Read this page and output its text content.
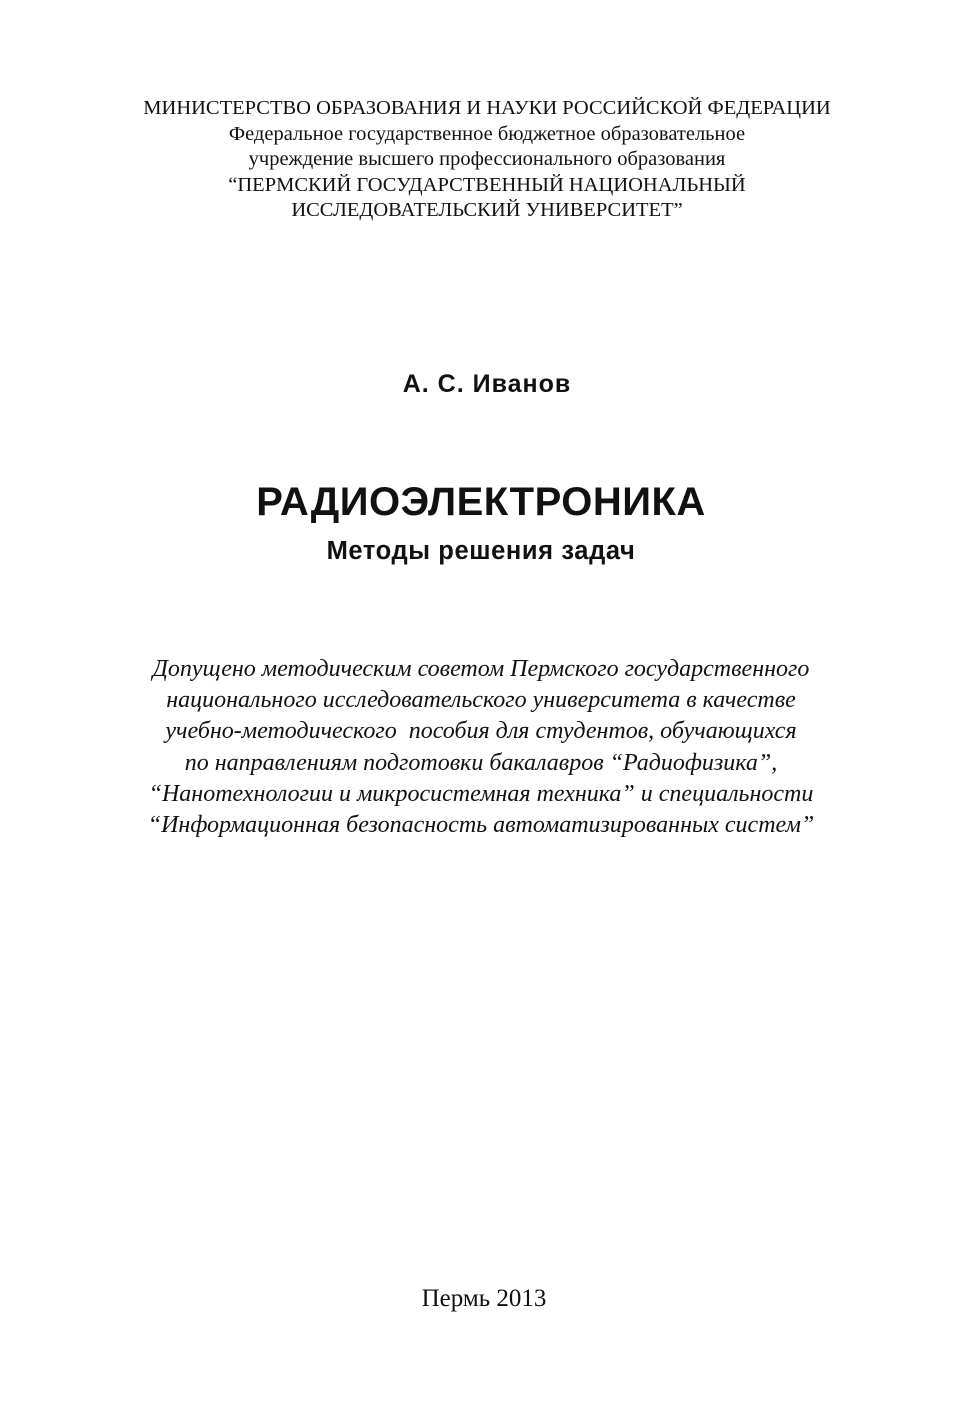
МИНИСТЕРСТВО ОБРАЗОВАНИЯ И НАУКИ РОССИЙСКОЙ ФЕДЕРАЦИИ
Федеральное государственное бюджетное образовательное
учреждение высшего профессионального образования
“ПЕРМСКИЙ ГОСУДАРСТВЕННЫЙ НАЦИОНАЛЬНЫЙ
ИССЛЕДОВАТЕЛЬСКИЙ УНИВЕРСИТЕТ”
А. С. Иванов
РАДИОЭЛЕКТРОНИКА
Методы решения задач
Допущено методическим советом Пермского государственного
национального исследовательского университета в качестве
учебно-методического  пособия для студентов, обучающихся
по направлениям подготовки бакалавров “Радиофизика”,
“Нанотехнологии и микросистемная техника” и специальности
“Информационная безопасность автоматизированных систем”
Пермь 2013
